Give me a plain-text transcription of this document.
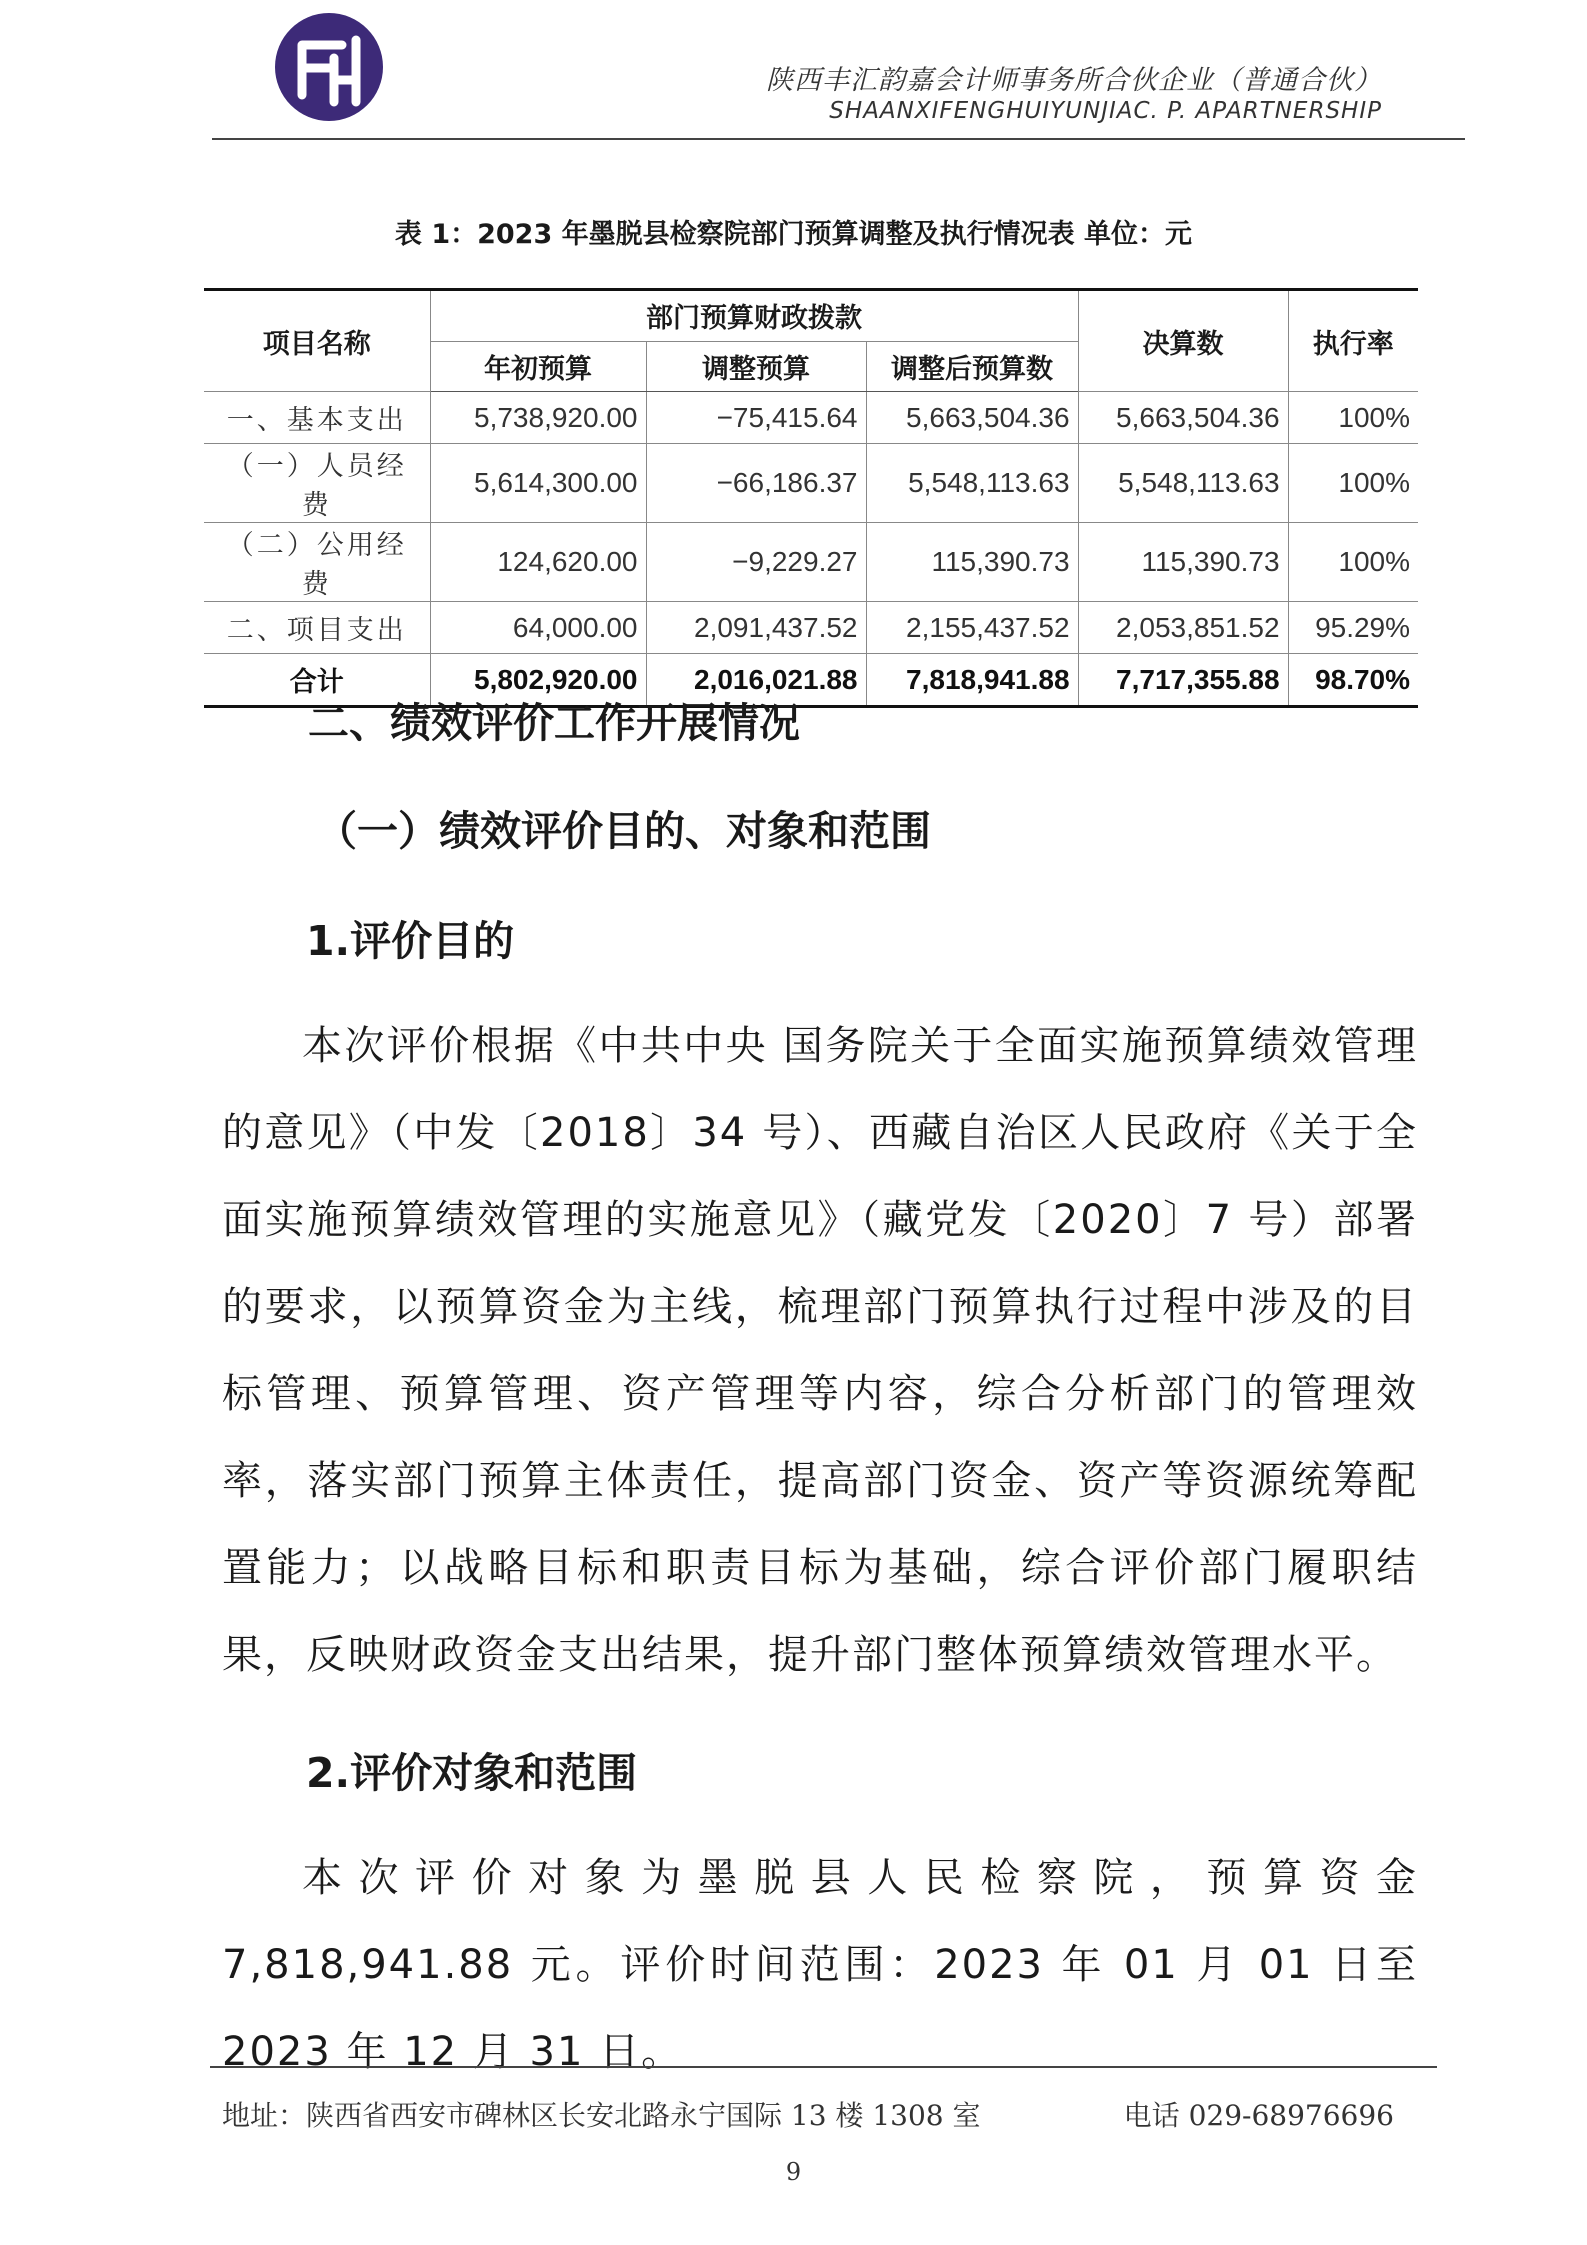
陕西丰汇韵嘉会计师事务所合伙企业（普通合伙）
SHAANXIFENGHUIYUNJIAC. P. APARTNERSHIP
表 1：2023 年墨脱县检察院部门预算调整及执行情况表 单位：元
项目名称	部门预算财政拨款			决算数	执行率
	年初预算	调整预算	调整后预算数		
一、基本支出	5,738,920.00	−75,415.64	5,663,504.36	5,663,504.36	100%
（一）人员经费	5,614,300.00	−66,186.37	5,548,113.63	5,548,113.63	100%
（二）公用经费	124,620.00	−9,229.27	115,390.73	115,390.73	100%
二、项目支出	64,000.00	2,091,437.52	2,155,437.52	2,053,851.52	95.29%
合计	5,802,920.00	2,016,021.88	7,818,941.88	7,717,355.88	98.70%
二、绩效评价工作开展情况
（一）绩效评价目的、对象和范围
1.评价目的

本次评价根据《中共中央 国务院关于全面实施预算绩效管理的意见》（中发〔2018〕34 号）、西藏自治区人民政府《关于全面实施预算绩效管理的实施意见》（藏党发〔2020〕7 号）部署的要求，以预算资金为主线，梳理部门预算执行过程中涉及的目标管理、预算管理、资产管理等内容，综合分析部门的管理效率，落实部门预算主体责任，提高部门资金、资产等资源统筹配置能力；以战略目标和职责目标为基础，综合评价部门履职结果，反映财政资金支出结果，提升部门整体预算绩效管理水平。

2.评价对象和范围

本次评价对象为墨脱县人民检察院，预算资金 7,818,941.88 元。评价时间范围：2023 年 01 月 01 日至 2023 年 12 月 31 日。

地址：陕西省西安市碑林区长安北路永宁国际 13 楼 1308 室	电话 029-68976696
9
